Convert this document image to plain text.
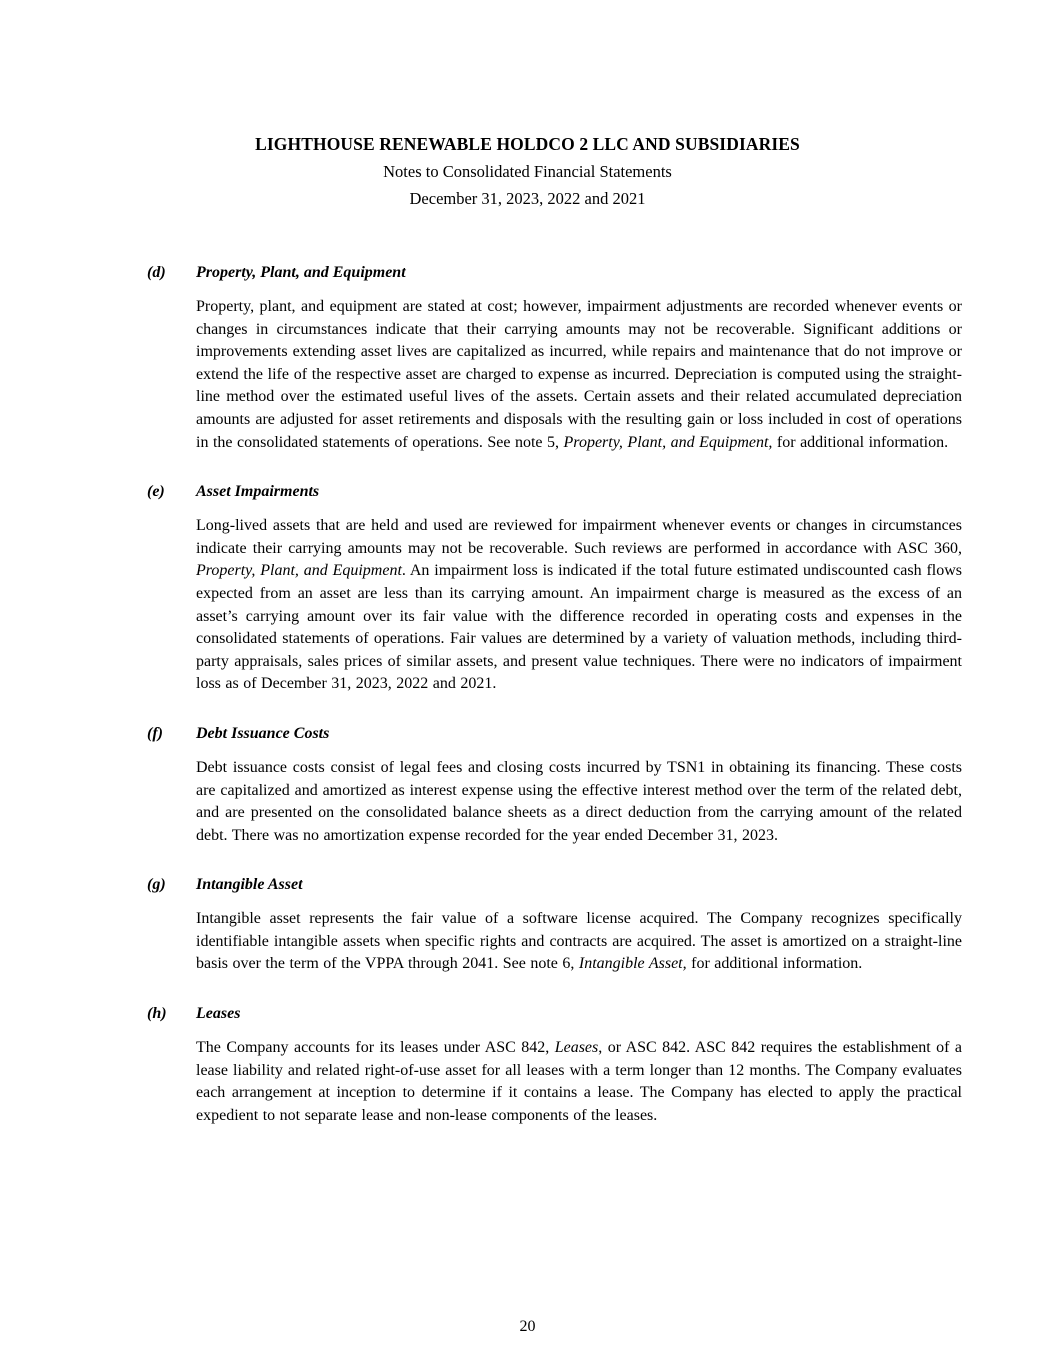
LIGHTHOUSE RENEWABLE HOLDCO 2 LLC AND SUBSIDIARIES
Notes to Consolidated Financial Statements
December 31, 2023, 2022 and 2021
(d)	Property, Plant, and Equipment

Property, plant, and equipment are stated at cost; however, impairment adjustments are recorded whenever events or changes in circumstances indicate that their carrying amounts may not be recoverable. Significant additions or improvements extending asset lives are capitalized as incurred, while repairs and maintenance that do not improve or extend the life of the respective asset are charged to expense as incurred. Depreciation is computed using the straight-line method over the estimated useful lives of the assets. Certain assets and their related accumulated depreciation amounts are adjusted for asset retirements and disposals with the resulting gain or loss included in cost of operations in the consolidated statements of operations. See note 5, Property, Plant, and Equipment, for additional information.

(e)	Asset Impairments

Long-lived assets that are held and used are reviewed for impairment whenever events or changes in circumstances indicate their carrying amounts may not be recoverable. Such reviews are performed in accordance with ASC 360, Property, Plant, and Equipment. An impairment loss is indicated if the total future estimated undiscounted cash flows expected from an asset are less than its carrying amount. An impairment charge is measured as the excess of an asset’s carrying amount over its fair value with the difference recorded in operating costs and expenses in the consolidated statements of operations. Fair values are determined by a variety of valuation methods, including third-party appraisals, sales prices of similar assets, and present value techniques. There were no indicators of impairment loss as of December 31, 2023, 2022 and 2021.

(f)	Debt Issuance Costs

Debt issuance costs consist of legal fees and closing costs incurred by TSN1 in obtaining its financing. These costs are capitalized and amortized as interest expense using the effective interest method over the term of the related debt, and are presented on the consolidated balance sheets as a direct deduction from the carrying amount of the related debt. There was no amortization expense recorded for the year ended December 31, 2023.

(g)	Intangible Asset

Intangible asset represents the fair value of a software license acquired. The Company recognizes specifically identifiable intangible assets when specific rights and contracts are acquired. The asset is amortized on a straight-line basis over the term of the VPPA through 2041. See note 6, Intangible Asset, for additional information.

(h)	Leases

The Company accounts for its leases under ASC 842, Leases, or ASC 842. ASC 842 requires the establishment of a lease liability and related right-of-use asset for all leases with a term longer than 12 months. The Company evaluates each arrangement at inception to determine if it contains a lease. The Company has elected to apply the practical expedient to not separate lease and non-lease components of the leases.

20
